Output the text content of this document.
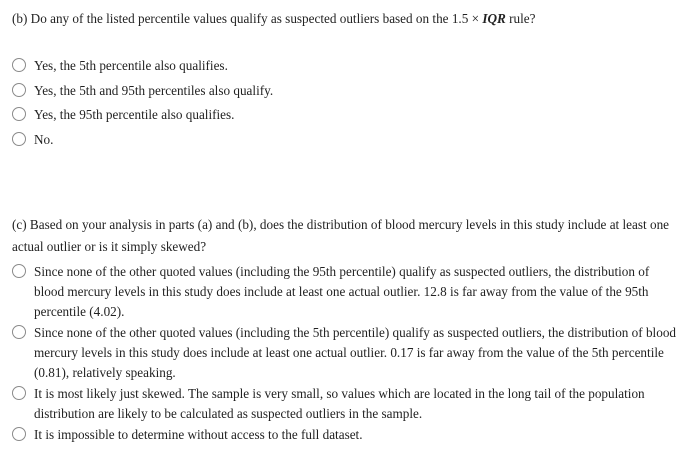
(b) Do any of the listed percentile values qualify as suspected outliers based on the 1.5 × IQR rule?

Yes, the 5th percentile also qualifies.
Yes, the 5th and 95th percentiles also qualify.
Yes, the 95th percentile also qualifies.
No.

(c) Based on your analysis in parts (a) and (b), does the distribution of blood mercury levels in this study include at least one actual outlier or is it simply skewed?

Since none of the other quoted values (including the 95th percentile) qualify as suspected outliers, the distribution of blood mercury levels in this study does include at least one actual outlier. 12.8 is far away from the value of the 95th percentile (4.02).
Since none of the other quoted values (including the 5th percentile) qualify as suspected outliers, the distribution of blood mercury levels in this study does include at least one actual outlier. 0.17 is far away from the value of the 5th percentile (0.81), relatively speaking.
It is most likely just skewed. The sample is very small, so values which are located in the long tail of the population distribution are likely to be calculated as suspected outliers in the sample.
It is impossible to determine without access to the full dataset.
